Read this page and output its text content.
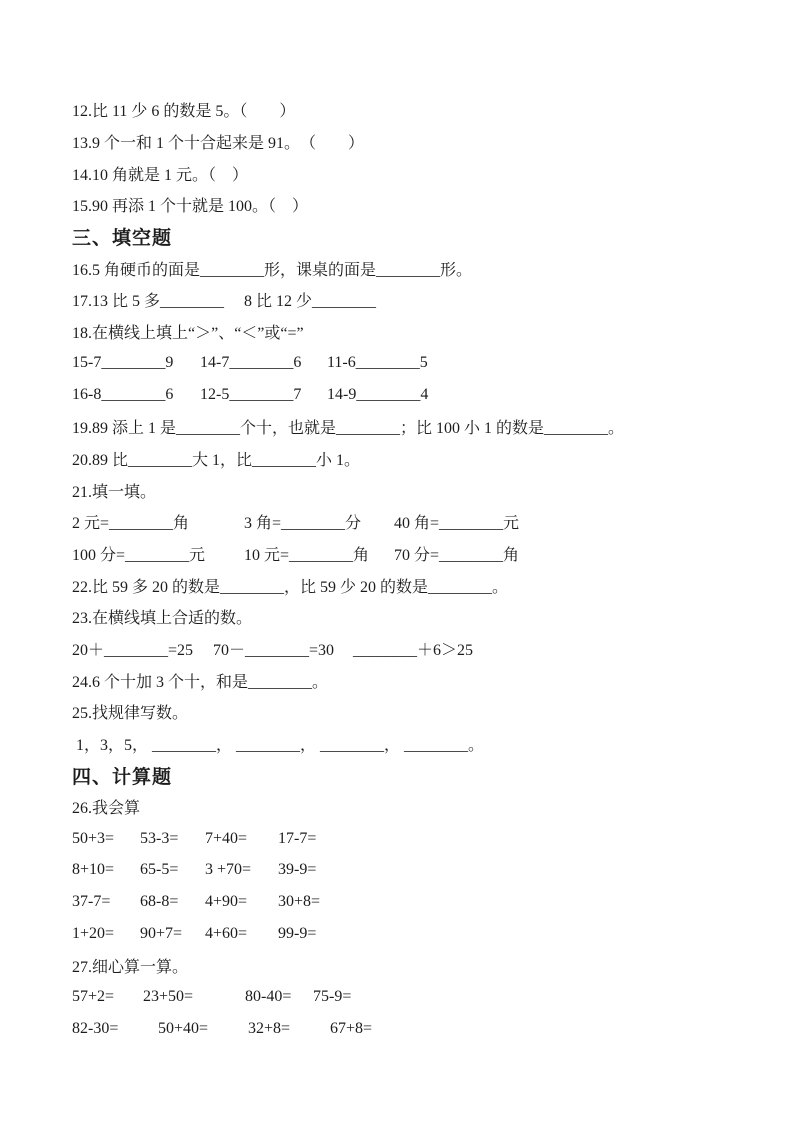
12.比 11 少 6 的数是 5。（　　）
13.9 个一和 1 个十合起来是 91。　（　　）
14.10 角就是 1 元。（　）
15.90 再添 1 个十就是 100。（　）
三、填空题
16.5 角硬币的面是________形，课桌的面是________形。
17.13 比 5 多________　 8 比 12 少________
18.在横线上填上“＞”、“＜”或“=”
15-7________9	14-7________6	11-6________5
16-8________6	12-5________7	14-9________4
19.89 添上 1 是________个十，也就是________；比 100 小 1 的数是________。
20.89 比________大 1，比________小 1。
21.填一填。
2 元=________角	3 角=________分	40 角=________元
100 分=________元	10 元=________角	70 分=________角
22.比 59 多 20 的数是________，比 59 少 20 的数是________。
23.在横线填上合适的数。
20＋________=25	70－________=30	________＋6＞25
24.6 个十加 3 个十，和是________。
25.找规律写数。
1，3，5， ________， ________， ________， ________。
四、计算题
26.我会算
50+3=	53-3=	7+40=	17-7=
8+10=	65-5=	3 +70=	39-9=
37-7=	68-8=	4+90=	30+8=
1+20=	90+7=	4+60=	99-9=
27.细心算一算。
57+2=	23+50=	80-40=	75-9=
82-30=	50+40=	32+8=	67+8=
